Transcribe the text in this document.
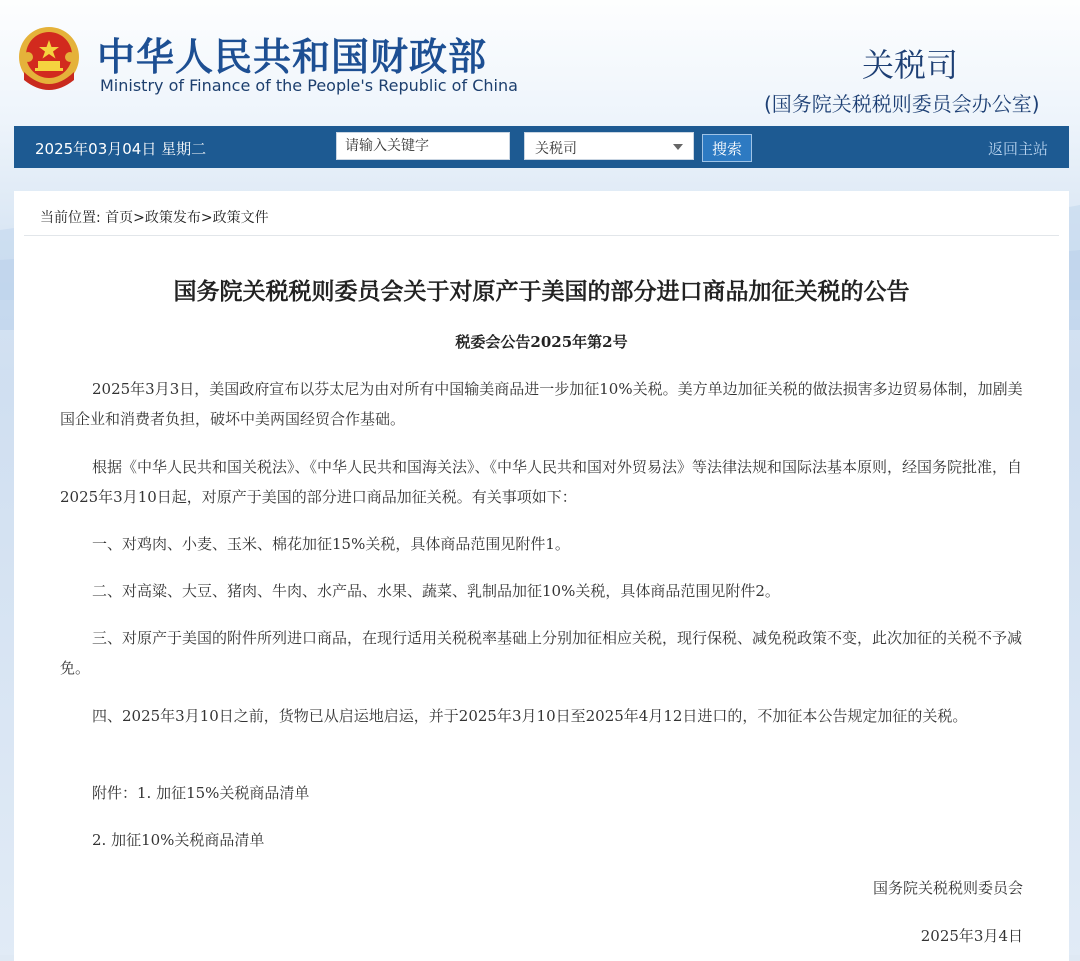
中华人民共和国财政部
Ministry of Finance of the People's Republic of China
关税司
(国务院关税税则委员会办公室)
2025年03月04日 星期二	请输入关键字	关税司	搜索	返回主站
当前位置: 首页>政策发布>政策文件
国务院关税税则委员会关于对原产于美国的部分进口商品加征关税的公告
税委会公告2025年第2号

2025年3月3日，美国政府宣布以芬太尼为由对所有中国输美商品进一步加征10%关税。美方单边加征关税的做法损害多边贸易体制，加剧美国企业和消费者负担，破坏中美两国经贸合作基础。

根据《中华人民共和国关税法》、《中华人民共和国海关法》、《中华人民共和国对外贸易法》等法律法规和国际法基本原则，经国务院批准，自2025年3月10日起，对原产于美国的部分进口商品加征关税。有关事项如下：

一、对鸡肉、小麦、玉米、棉花加征15%关税，具体商品范围见附件1。

二、对高粱、大豆、猪肉、牛肉、水产品、水果、蔬菜、乳制品加征10%关税，具体商品范围见附件2。

三、对原产于美国的附件所列进口商品，在现行适用关税税率基础上分别加征相应关税，现行保税、减免税政策不变，此次加征的关税不予减免。

四、2025年3月10日之前，货物已从启运地启运，并于2025年3月10日至2025年4月12日进口的，不加征本公告规定加征的关税。

附件：1. 加征15%关税商品清单

2. 加征10%关税商品清单

国务院关税税则委员会
2025年3月4日
